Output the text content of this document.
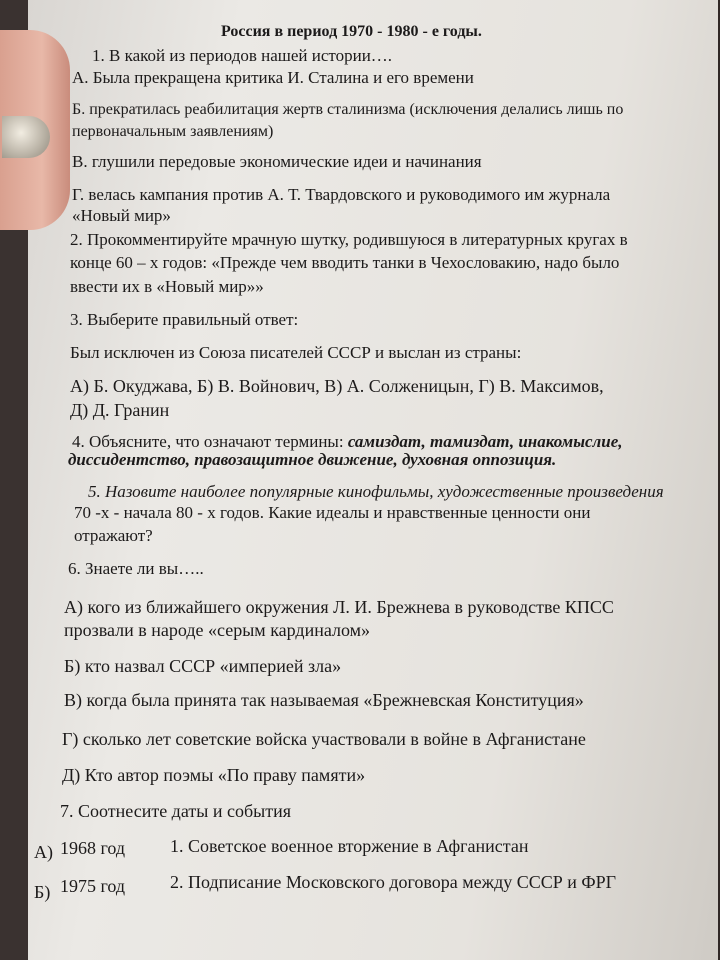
Россия в период 1970 - 1980 - е годы.
1. В какой из периодов нашей истории….
А. Была прекращена критика И. Сталина и его времени
Б. прекратилась реабилитация жертв сталинизма (исключения делались лишь по
первоначальным заявлениям)
В. глушили передовые экономические идеи и начинания
Г. велась кампания против А. Т. Твардовского и руководимого им журнала
«Новый мир»
2. Прокомментируйте мрачную шутку, родившуюся в литературных кругах в
конце 60 – х годов: «Прежде чем вводить танки в Чехословакию, надо было
ввести их в «Новый мир»»
3. Выберите правильный ответ:
Был исключен из Союза писателей СССР и выслан из страны:
А) Б. Окуджава, Б) В. Войнович, В) А. Солженицын, Г) В. Максимов,
Д) Д. Гранин
4. Объясните, что означают термины: самиздат, тамиздат, инакомыслие,
диссидентство, правозащитное движение, духовная оппозиция.
5. Назовите наиболее популярные кинофильмы, художественные произведения
70 -х - начала 80 - х годов. Какие идеалы и нравственные ценности они
отражают?
6. Знаете ли вы…..
А) кого из ближайшего окружения Л. И. Брежнева в руководстве КПСС
прозвали в народе «серым кардиналом»
Б) кто назвал СССР «империей зла»
В) когда была принята так называемая «Брежневская Конституция»
Г) сколько лет советские войска участвовали в войне в Афганистане
Д) Кто автор поэмы «По праву памяти»
7. Соотнесите даты и события
А) 1968 год 1. Советское военное вторжение в Афганистан
Б) 1975 год 2. Подписание Московского договора между СССР и ФРГ
